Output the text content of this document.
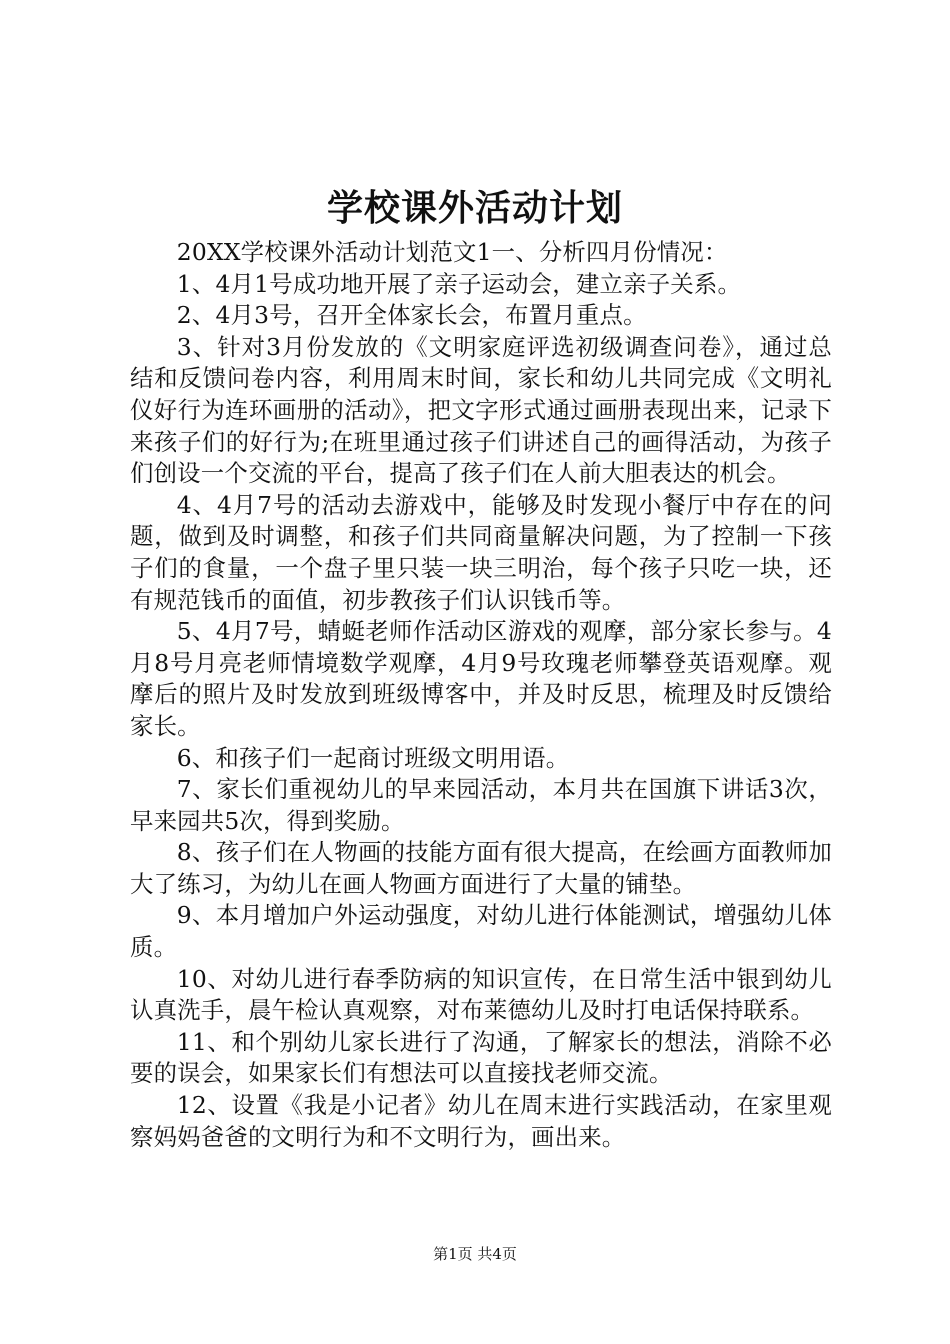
学校课外活动计划

20XX学校课外活动计划范文1一、分析四月份情况：

1、4月1号成功地开展了亲子运动会，建立亲子关系。

2、4月3号，召开全体家长会，布置月重点。

3、针对3月份发放的《文明家庭评选初级调查问卷》，通过总结和反馈问卷内容，利用周末时间，家长和幼儿共同完成《文明礼仪好行为连环画册的活动》，把文字形式通过画册表现出来，记录下来孩子们的好行为;在班里通过孩子们讲述自己的画得活动，为孩子们创设一个交流的平台，提高了孩子们在人前大胆表达的机会。

4、4月7号的活动去游戏中，能够及时发现小餐厅中存在的问题，做到及时调整，和孩子们共同商量解决问题，为了控制一下孩子们的食量，一个盘子里只装一块三明治，每个孩子只吃一块，还有规范钱币的面值，初步教孩子们认识钱币等。

5、4月7号，蜻蜓老师作活动区游戏的观摩，部分家长参与。4月8号月亮老师情境数学观摩，4月9号玫瑰老师攀登英语观摩。观摩后的照片及时发放到班级博客中，并及时反思，梳理及时反馈给家长。

6、和孩子们一起商讨班级文明用语。

7、家长们重视幼儿的早来园活动，本月共在国旗下讲话3次，早来园共5次，得到奖励。

8、孩子们在人物画的技能方面有很大提高，在绘画方面教师加大了练习，为幼儿在画人物画方面进行了大量的铺垫。

9、本月增加户外运动强度，对幼儿进行体能测试，增强幼儿体质。

10、对幼儿进行春季防病的知识宣传，在日常生活中银到幼儿认真洗手，晨午检认真观察，对布莱德幼儿及时打电话保持联系。

11、和个别幼儿家长进行了沟通，了解家长的想法，消除不必要的误会，如果家长们有想法可以直接找老师交流。

12、设置《我是小记者》幼儿在周末进行实践活动，在家里观察妈妈爸爸的文明行为和不文明行为，画出来。

第1页 共4页
